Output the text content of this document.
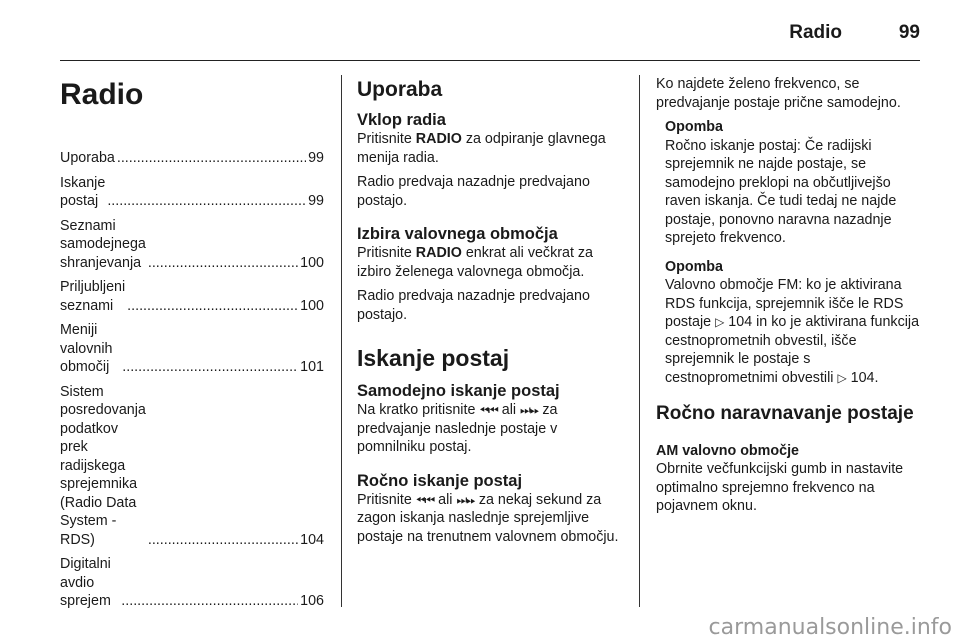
Radio	99
Radio
Uporaba .....	99
Iskanje postaj .....	99
Seznami samodejnega
shranjevanja .....	100
Priljubljeni seznami .....	100
Meniji valovnih območij .....	101
Sistem posredovanja podatkov
prek radijskega sprejemnika
(Radio Data System - RDS) .....	104
Digitalni avdio sprejem .....	106
Uporaba
Vklop radia

Pritisnite RADIO za odpiranje glavnega menija radia.

Radio predvaja nazadnje predvajano postajo.

Izbira valovnega območja

Pritisnite RADIO enkrat ali večkrat za izbiro želenega valovnega območja.

Radio predvaja nazadnje predvajano postajo.

Iskanje postaj
Samodejno iskanje postaj

Na kratko pritisnite ⏪︎⏮︎ ali ⏭︎⏩︎ za predvajanje naslednje postaje v pomnilniku postaj.

Ročno iskanje postaj

Pritisnite ⏪︎⏮︎ ali ⏭︎⏩︎ za nekaj sekund za zagon iskanja naslednje sprejemljive postaje na trenutnem valovnem območju.

Ko najdete želeno frekvenco, se predvajanje postaje prične samodejno.

Opomba
Ročno iskanje postaj: Če radijski sprejemnik ne najde postaje, se samodejno preklopi na občutljivejšo raven iskanja. Če tudi tedaj ne najde postaje, ponovno naravna nazadnje sprejeto frekvenco.
Opomba
Valovno območje FM: ko je aktivirana RDS funkcija, sprejemnik išče le RDS postaje ▷ 104 in ko je aktivirana funkcija cestnoprometnih obvestil, išče sprejemnik le postaje s cestnoprometnimi obvestili ▷ 104.
Ročno naravnavanje postaje
AM valovno območje

Obrnite večfunkcijski gumb in nastavite optimalno sprejemno frekvenco na pojavnem oknu.

carmanualsonline.info
